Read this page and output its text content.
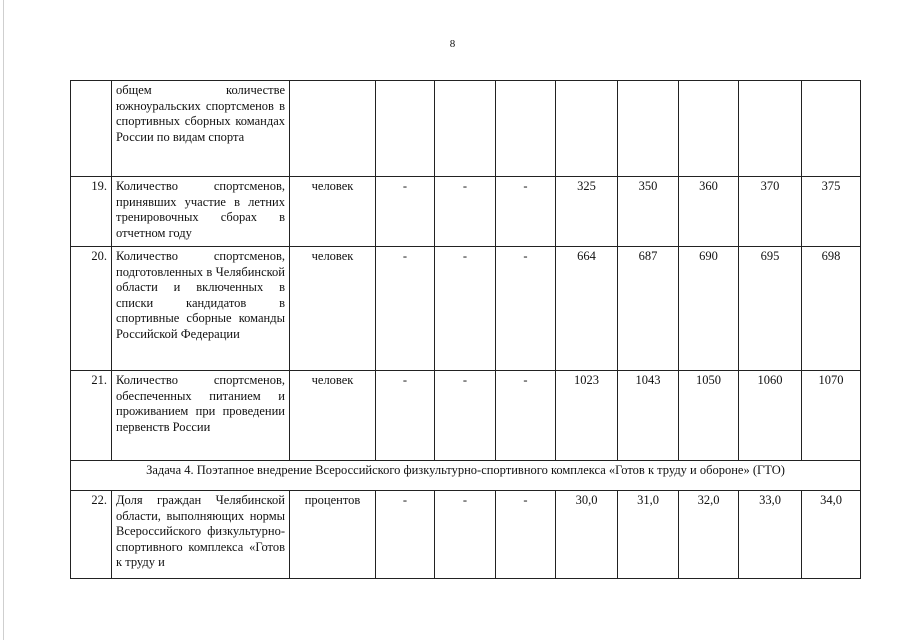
8
	общем количестве южноуральских спортсменов в спортивных сборных командах России по видам спорта									
19.	Количество спортсменов, принявших участие в летних тренировочных сборах в отчетном году	человек	-	-	-	325	350	360	370	375
20.	Количество спортсменов, подготовленных в Челябинской области и включенных в списки кандидатов в спортивные сборные команды Российской Федерации	человек	-	-	-	664	687	690	695	698
21.	Количество спортсменов, обеспеченных питанием и проживанием при проведении первенств России	человек	-	-	-	1023	1043	1050	1060	1070
Задача 4. Поэтапное внедрение Всероссийского физкультурно-спортивного комплекса «Готов к труду и обороне» (ГТО)										
22.	Доля граждан Челябинской области, выполняющих нормы Всероссийского физкультурно-спортивного комплекса «Готов к труду и	процентов	-	-	-	30,0	31,0	32,0	33,0	34,0
